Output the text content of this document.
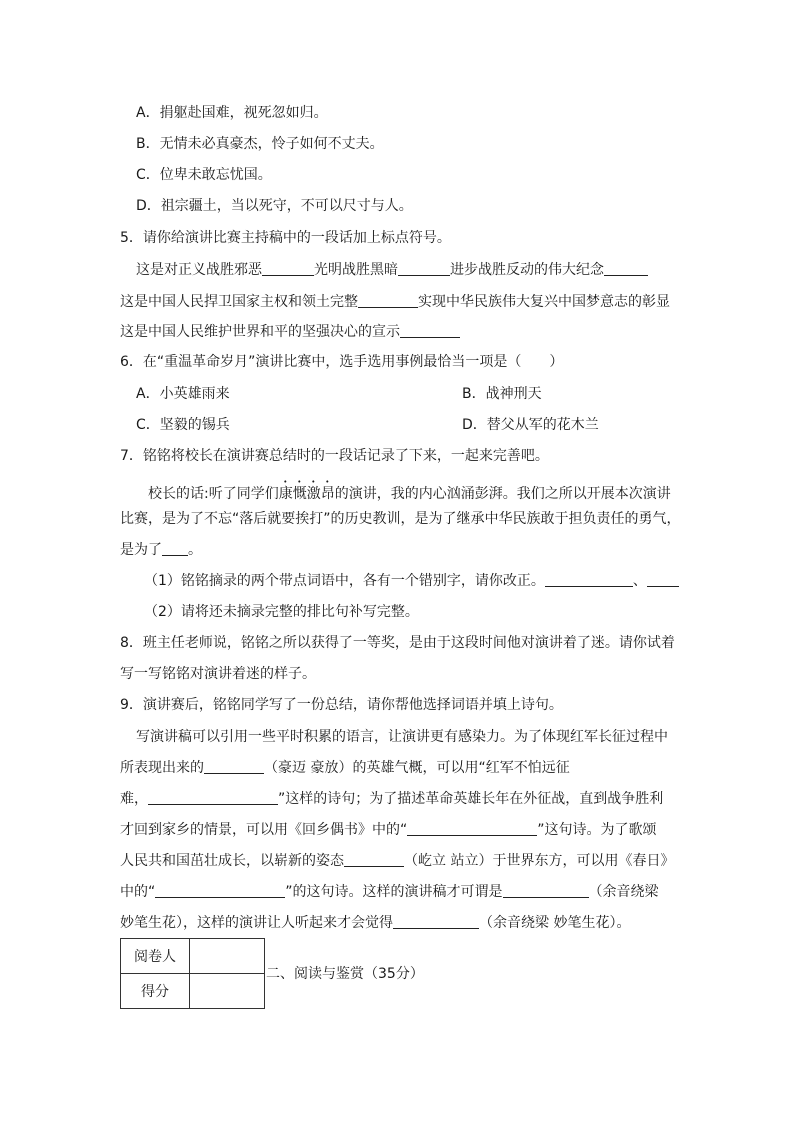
A．捐躯赴国难，视死忽如归。
B．无情未必真豪杰，怜子如何不丈夫。
C．位卑未敢忘忧国。
D．祖宗疆土，当以死守，不可以尺寸与人。
5．请你给演讲比赛主持稿中的一段话加上标点符号。
这是对正义战胜邪恶	光明战胜黑暗	进步战胜反动的伟大纪念
这是中国人民捍卫国家主权和领土完整	实现中华民族伟大复兴中国梦意志的彰显
这是中国人民维护世界和平的坚强决心的宣示
6．在“重温革命岁月”演讲比赛中，选手选用事例最恰当一项是（　　）
A．小英雄雨来	B．战神刑天
C．坚毅的锡兵	D．替父从军的花木兰
7．铭铭将校长在演讲赛总结时的一段话记录了下来，一起来完善吧。
校长的话:听了同学们康慨激昂的演讲，我的内心汹涌彭湃。我们之所以开展本次演讲
比赛，是为了不忘“落后就要挨打”的历史教训，是为了继承中华民族敢于担负责任的勇气，
是为了 。
（1）铭铭摘录的两个带点词语中，各有一个错别字，请你改正。	、
（2）请将还未摘录完整的排比句补写完整。
8．班主任老师说，铭铭之所以获得了一等奖，是由于这段时间他对演讲着了迷。请你试着
写一写铭铭对演讲着迷的样子。
9．演讲赛后，铭铭同学写了一份总结，请你帮他选择词语并填上诗句。
写演讲稿可以引用一些平时积累的语言，让演讲更有感染力。为了体现红军长征过程中
所表现出来的	（豪迈 豪放）的英雄气概，可以用“红军不怕远征
难，	”这样的诗句；为了描述革命英雄长年在外征战，直到战争胜利
才回到家乡的情景，可以用《回乡偶书》中的“	”这句诗。为了歌颂
人民共和国茁壮成长，以崭新的姿态	（屹立 站立）于世界东方，可以用《春日》
中的“	”的这句诗。这样的演讲稿才可谓是	（余音绕梁
妙笔生花），这样的演讲让人听起来才会觉得	（余音绕梁 妙笔生花）。
阅卷人	
得分	
二、阅读与鉴赏（35分）
